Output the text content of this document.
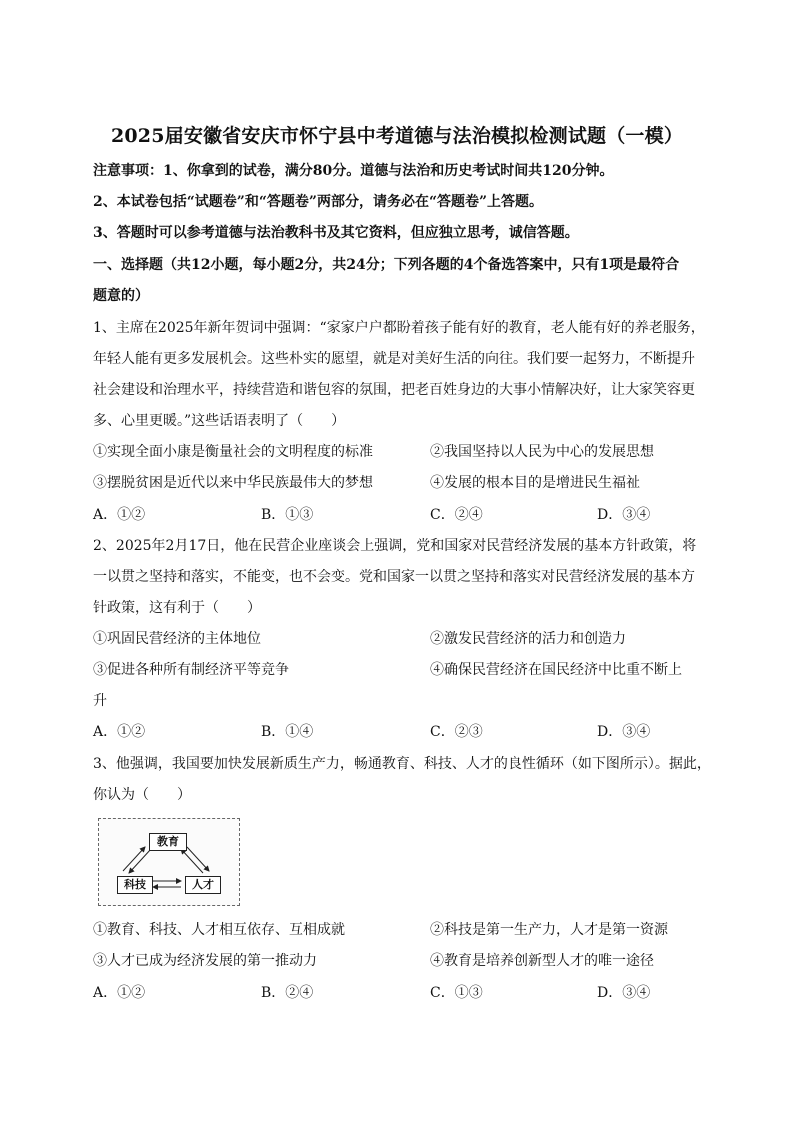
2025届安徽省安庆市怀宁县中考道德与法治模拟检测试题（一模）
注意事项：1、你拿到的试卷，满分80分。道德与法治和历史考试时间共120分钟。
2、本试卷包括“试题卷”和“答题卷”两部分，请务必在“答题卷”上答题。
3、答题时可以参考道德与法治教科书及其它资料，但应独立思考，诚信答题。
一、选择题（共12小题，每小题2分，共24分；下列各题的4个备选答案中，只有1项是最符合
题意的）
1、主席在2025年新年贺词中强调：“家家户户都盼着孩子能有好的教育，老人能有好的养老服务，
年轻人能有更多发展机会。这些朴实的愿望，就是对美好生活的向往。我们要一起努力，不断提升
社会建设和治理水平，持续营造和谐包容的氛围，把老百姓身边的大事小情解决好，让大家笑容更
多、心里更暖。”这些话语表明了（　　）
①实现全面小康是衡量社会的文明程度的标准	②我国坚持以人民为中心的发展思想
③摆脱贫困是近代以来中华民族最伟大的梦想	④发展的根本目的是增进民生福祉
A．①②	B．①③	C．②④	D．③④
2、2025年2月17日，他在民营企业座谈会上强调，党和国家对民营经济发展的基本方针政策，将
一以贯之坚持和落实，不能变，也不会变。党和国家一以贯之坚持和落实对民营经济发展的基本方
针政策，这有利于（　　）
①巩固民营经济的主体地位	②激发民营经济的活力和创造力
③促进各种所有制经济平等竞争	④确保民营经济在国民经济中比重不断上
升
A．①②	B．①④	C．②③	D．③④
3、他强调，我国要加快发展新质生产力，畅通教育、科技、人才的良性循环（如下图所示）。据此，
你认为（　　）
教育
科技	人才
①教育、科技、人才相互依存、互相成就	②科技是第一生产力，人才是第一资源
③人才已成为经济发展的第一推动力	④教育是培养创新型人才的唯一途径
A．①②	B．②④	C．①③	D．③④
